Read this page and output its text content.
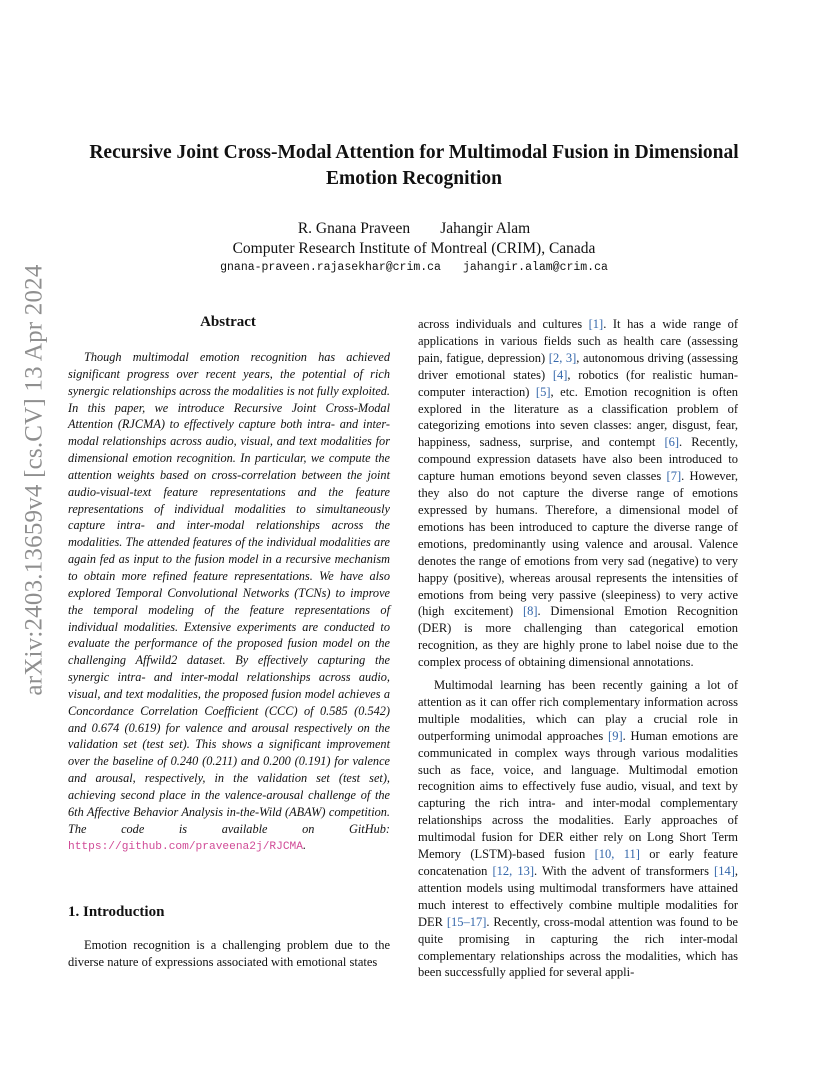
arXiv:2403.13659v4 [cs.CV] 13 Apr 2024
Recursive Joint Cross-Modal Attention for Multimodal Fusion in Dimensional Emotion Recognition
R. Gnana Praveen Jahangir Alam
Computer Research Institute of Montreal (CRIM), Canada
gnana-praveen.rajasekhar@crim.ca jahangir.alam@crim.ca
Abstract
Though multimodal emotion recognition has achieved significant progress over recent years, the potential of rich synergic relationships across the modalities is not fully exploited. In this paper, we introduce Recursive Joint Cross-Modal Attention (RJCMA) to effectively capture both intra- and inter-modal relationships across audio, visual, and text modalities for dimensional emotion recognition. In particular, we compute the attention weights based on cross-correlation between the joint audio-visual-text feature representations and the feature representations of individual modalities to simultaneously capture intra- and inter-modal relationships across the modalities. The attended features of the individual modalities are again fed as input to the fusion model in a recursive mechanism to obtain more refined feature representations. We have also explored Temporal Convolutional Networks (TCNs) to improve the temporal modeling of the feature representations of individual modalities. Extensive experiments are conducted to evaluate the performance of the proposed fusion model on the challenging Affwild2 dataset. By effectively capturing the synergic intra- and inter-modal relationships across audio, visual, and text modalities, the proposed fusion model achieves a Concordance Correlation Coefficient (CCC) of 0.585 (0.542) and 0.674 (0.619) for valence and arousal respectively on the validation set (test set). This shows a significant improvement over the baseline of 0.240 (0.211) and 0.200 (0.191) for valence and arousal, respectively, in the validation set (test set), achieving second place in the valence-arousal challenge of the 6th Affective Behavior Analysis in-the-Wild (ABAW) competition. The code is available on GitHub: https://github.com/praveena2j/RJCMA.
1. Introduction
Emotion recognition is a challenging problem due to the diverse nature of expressions associated with emotional states

across individuals and cultures [1]. It has a wide range of applications in various fields such as health care (assessing pain, fatigue, depression) [2, 3], autonomous driving (assessing driver emotional states) [4], robotics (for realistic human-computer interaction) [5], etc. Emotion recognition is often explored in the literature as a classification problem of categorizing emotions into seven classes: anger, disgust, fear, happiness, sadness, surprise, and contempt [6]. Recently, compound expression datasets have also been introduced to capture human emotions beyond seven classes [7]. However, they also do not capture the diverse range of emotions expressed by humans. Therefore, a dimensional model of emotions has been introduced to capture the diverse range of emotions, predominantly using valence and arousal. Valence denotes the range of emotions from very sad (negative) to very happy (positive), whereas arousal represents the intensities of emotions from being very passive (sleepiness) to very active (high excitement) [8]. Dimensional Emotion Recognition (DER) is more challenging than categorical emotion recognition, as they are highly prone to label noise due to the complex process of obtaining dimensional annotations.

Multimodal learning has been recently gaining a lot of attention as it can offer rich complementary information across multiple modalities, which can play a crucial role in outperforming unimodal approaches [9]. Human emotions are communicated in complex ways through various modalities such as face, voice, and language. Multimodal emotion recognition aims to effectively fuse audio, visual, and text by capturing the rich intra- and inter-modal complementary relationships across the modalities. Early approaches of multimodal fusion for DER either rely on Long Short Term Memory (LSTM)-based fusion [10, 11] or early feature concatenation [12, 13]. With the advent of transformers [14], attention models using multimodal transformers have attained much interest to effectively combine multiple modalities for DER [15–17]. Recently, cross-modal attention was found to be quite promising in capturing the rich inter-modal complementary relationships across the modalities, which has been successfully applied for several appli-
